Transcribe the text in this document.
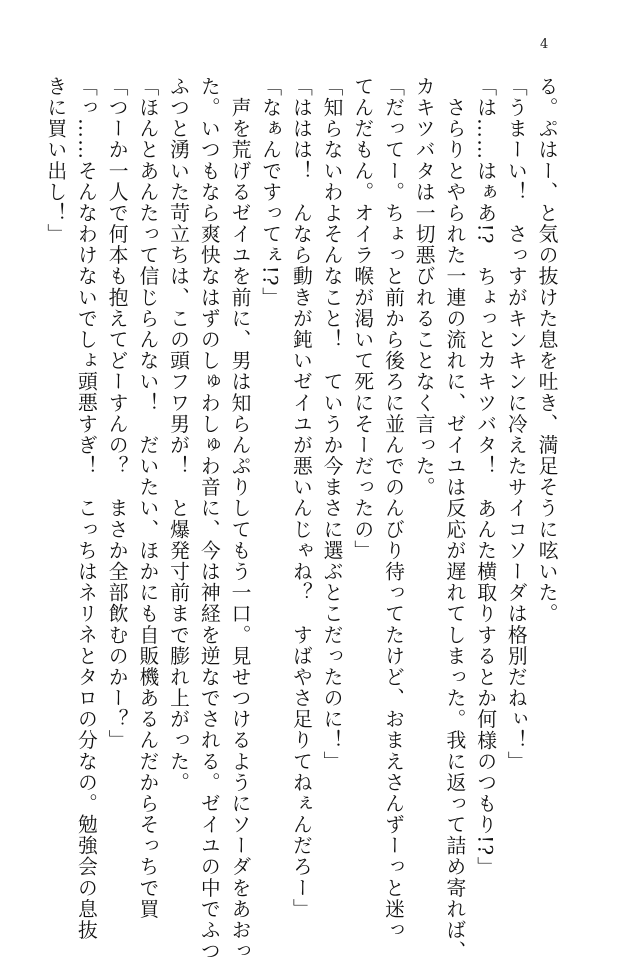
4

る。ぷはー、と気の抜けた息を吐き、満足そうに呟いた。

「うまーい！　さっすがキンキンに冷えたサイコソーダは格別だねぃ！」

「は……はぁあ!?　ちょっとカキツバタ！　あんた横取りするとか何様のつもり!?」

　さらりとやられた一連の流れに、ゼイユは反応が遅れてしまった。我に返って詰め寄れば、

カキツバタは一切悪びれることなく言った。

「だってー。ちょっと前から後ろに並んでのんびり待ってたけど、おまえさんずーっと迷っ

てんだもん。オイラ喉が渇いて死にそーだったの」

「知らないわよそんなこと！　ていうか今まさに選ぶとこだったのに！」

「ははは！　んなら動きが鈍いゼイユが悪いんじゃね？　すばやさ足りてねぇんだろー」

「なぁんですってぇ!?」

　声を荒げるゼイユを前に、男は知らんぷりしてもう一口。見せつけるようにソーダをあおっ

た。いつもなら爽快なはずのしゅわしゅわ音に、今は神経を逆なでされる。ゼイユの中でふつ

ふつと湧いた苛立ちは、この頭フワ男が！　と爆発寸前まで膨れ上がった。

「ほんとあんたって信じらんない！　だいたい、ほかにも自販機あるんだからそっちで買

「つーか一人で何本も抱えてどーすんの？　まさか全部飲むのかー？」

「っ……そんなわけないでしょ頭悪すぎ！　こっちはネリネとタロの分なの。勉強会の息抜

きに買い出し！」
